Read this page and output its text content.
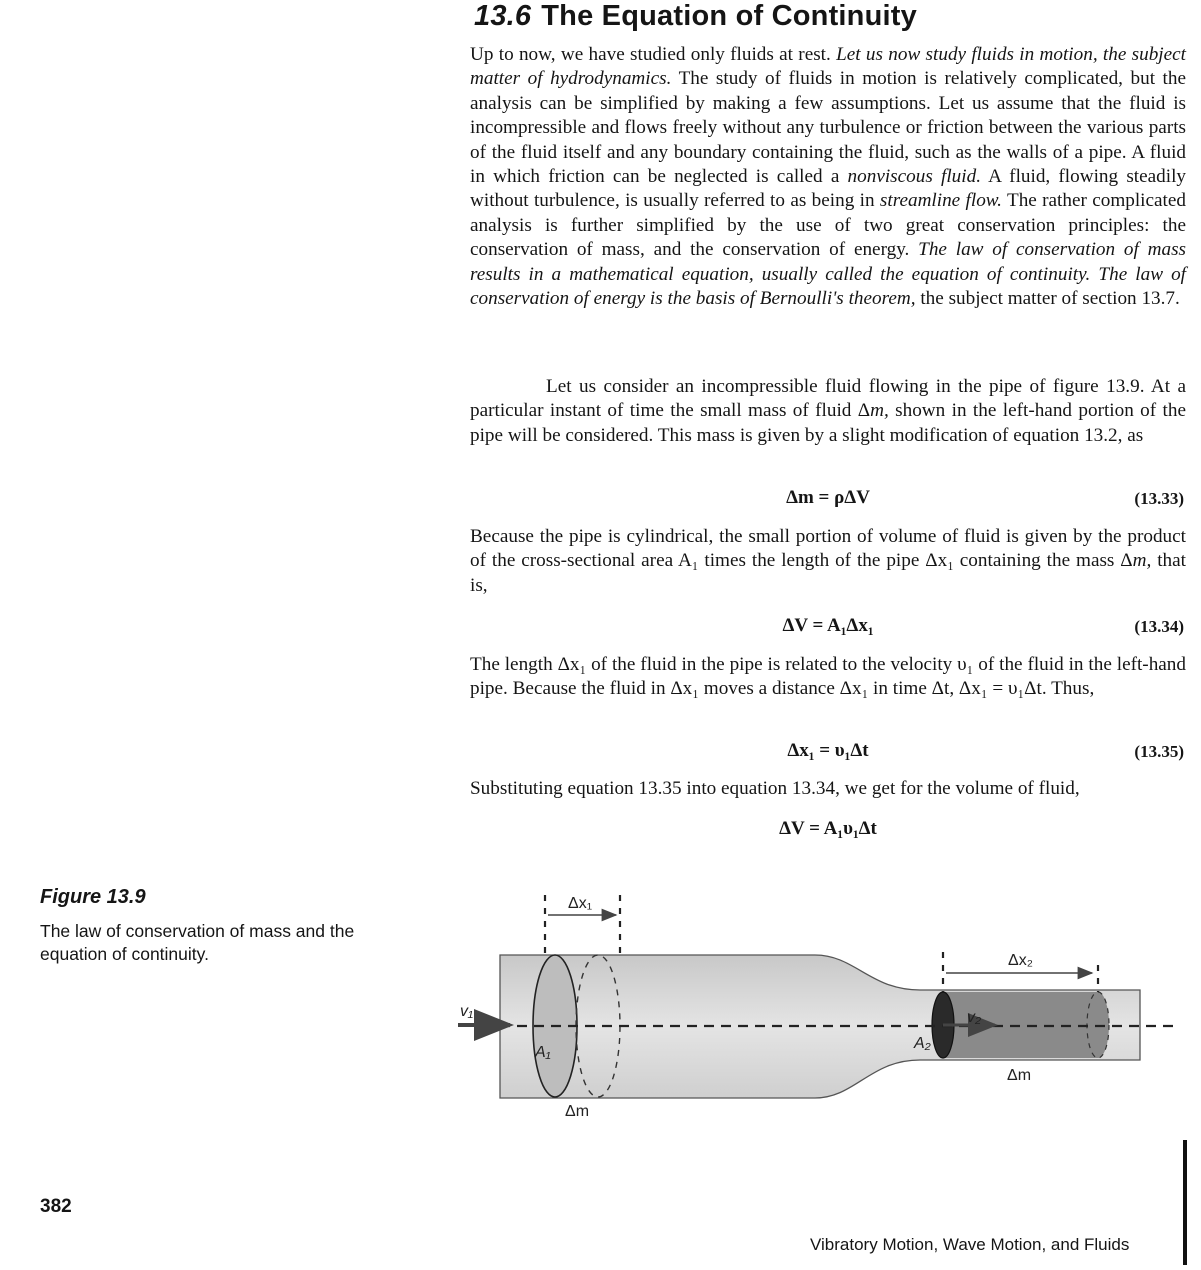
13.6 The Equation of Continuity

Up to now, we have studied only fluids at rest. Let us now study fluids in motion, the subject matter of hydrodynamics. The study of fluids in motion is relatively complicated, but the analysis can be simplified by making a few assumptions. Let us assume that the fluid is incompressible and flows freely without any turbulence or friction between the various parts of the fluid itself and any boundary containing the fluid, such as the walls of a pipe. A fluid in which friction can be neglected is called a nonviscous fluid. A fluid, flowing steadily without turbulence, is usually referred to as being in streamline flow. The rather complicated analysis is further simplified by the use of two great conservation principles: the conservation of mass, and the conservation of energy. The law of conservation of mass results in a mathematical equation, usually called the equation of continuity. The law of conservation of energy is the basis of Bernoulli's theorem, the subject matter of section 13.7.

Let us consider an incompressible fluid flowing in the pipe of figure 13.9. At a particular instant of time the small mass of fluid Δm, shown in the left-hand portion of the pipe will be considered. This mass is given by a slight modification of equation 13.2, as

Δm = ρΔV	(13.33)

Because the pipe is cylindrical, the small portion of volume of fluid is given by the product of the cross-sectional area A₁ times the length of the pipe Δx₁ containing the mass Δm, that is,

ΔV = A₁Δx₁	(13.34)

The length Δx₁ of the fluid in the pipe is related to the velocity υ₁ of the fluid in the left-hand pipe. Because the fluid in Δx₁ moves a distance Δx₁ in time Δt, Δx₁ = υ₁Δt. Thus,

Δx₁ = υ₁Δt	(13.35)

Substituting equation 13.35 into equation 13.34, we get for the volume of fluid,

ΔV = A₁υ₁Δt
Figure 13.9
The law of conservation of mass and the equation of continuity.
Δx₁
Δx₂
v₁	v₂
A₁
A₂
Δm
Δm
382
Vibratory Motion, Wave Motion, and Fluids
